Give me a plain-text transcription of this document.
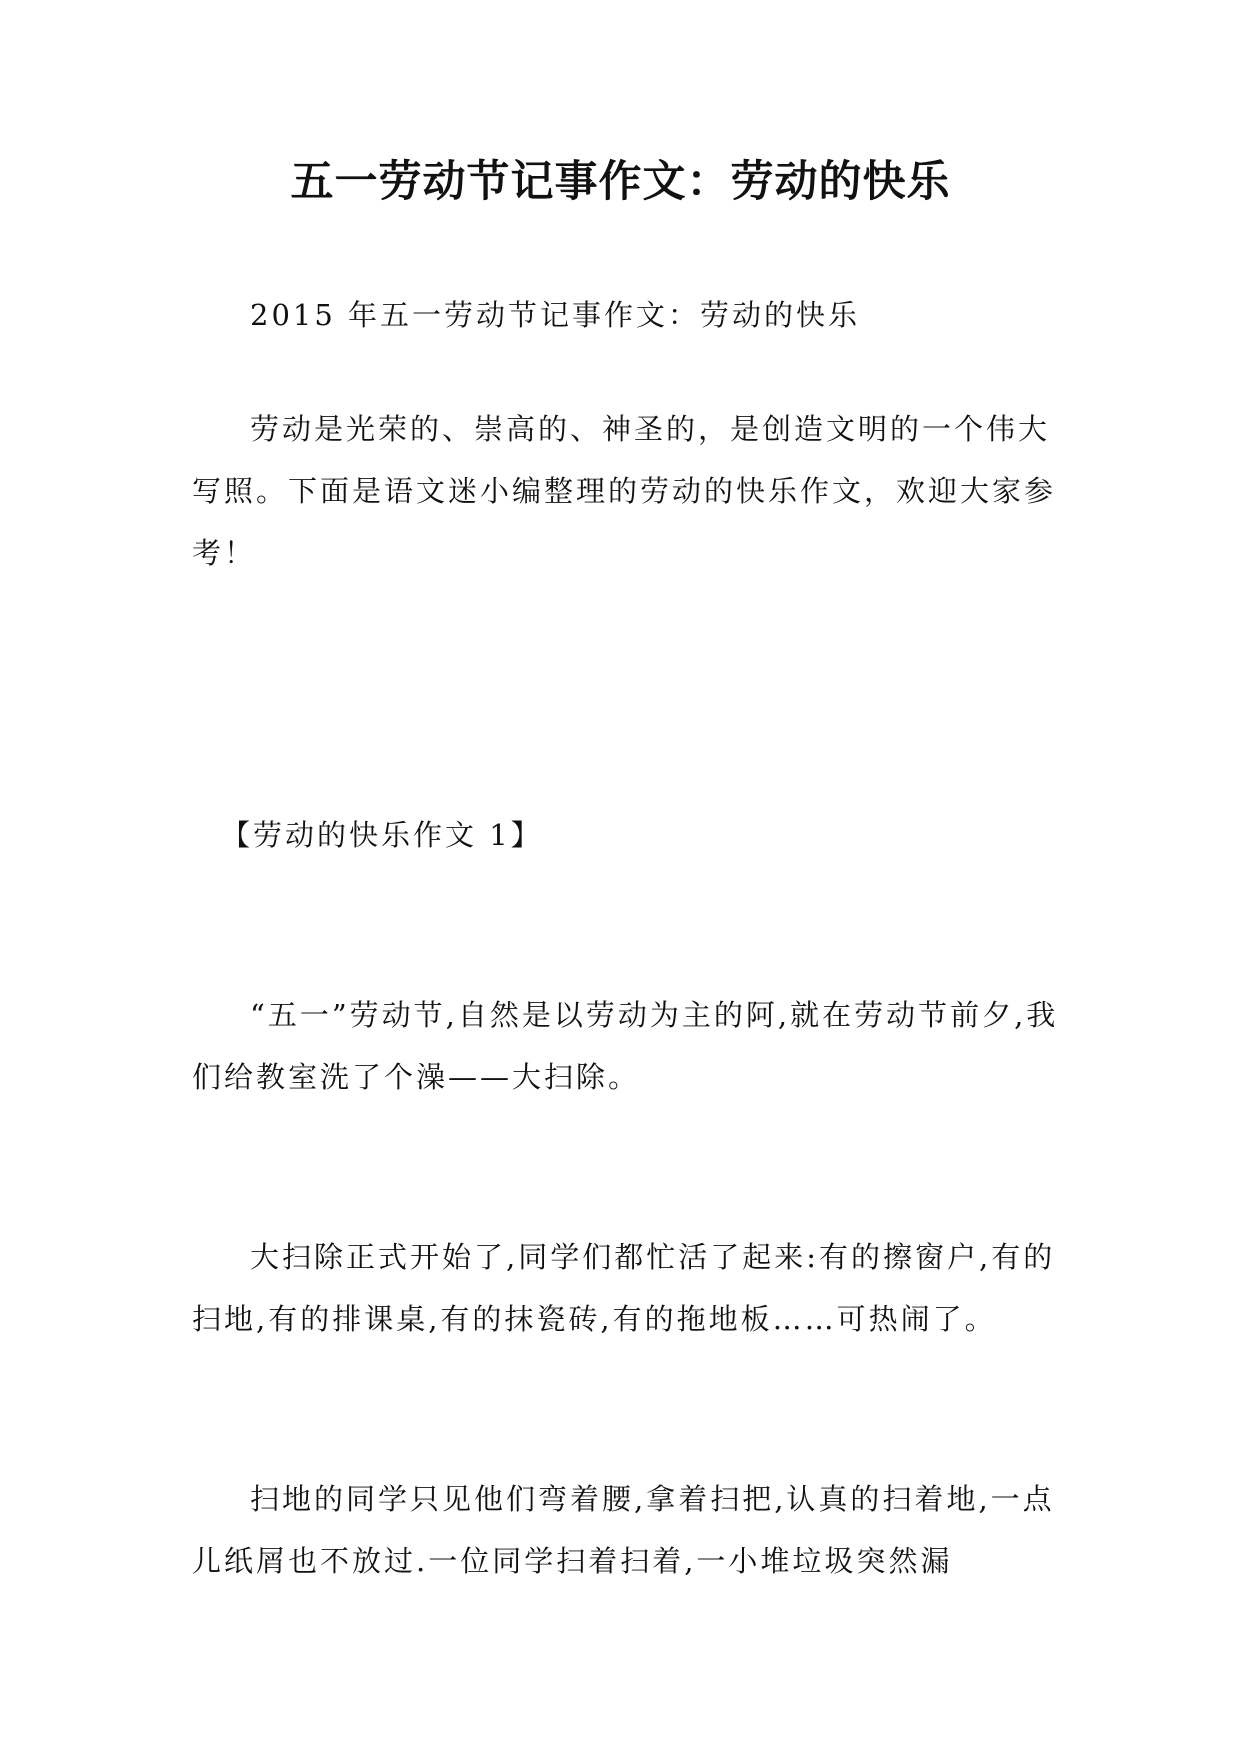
五一劳动节记事作文：劳动的快乐

2015 年五一劳动节记事作文：劳动的快乐

劳动是光荣的、崇高的、神圣的，是创造文明的一个伟大写照。下面是语文迷小编整理的劳动的快乐作文，欢迎大家参考！

【劳动的快乐作文 1】

“五一”劳动节,自然是以劳动为主的阿,就在劳动节前夕,我们给教室洗了个澡——大扫除。

大扫除正式开始了,同学们都忙活了起来:有的擦窗户,有的扫地,有的排课桌,有的抹瓷砖,有的拖地板……可热闹了。

扫地的同学只见他们弯着腰,拿着扫把,认真的扫着地,一点儿纸屑也不放过.一位同学扫着扫着,一小堆垃圾突然漏
